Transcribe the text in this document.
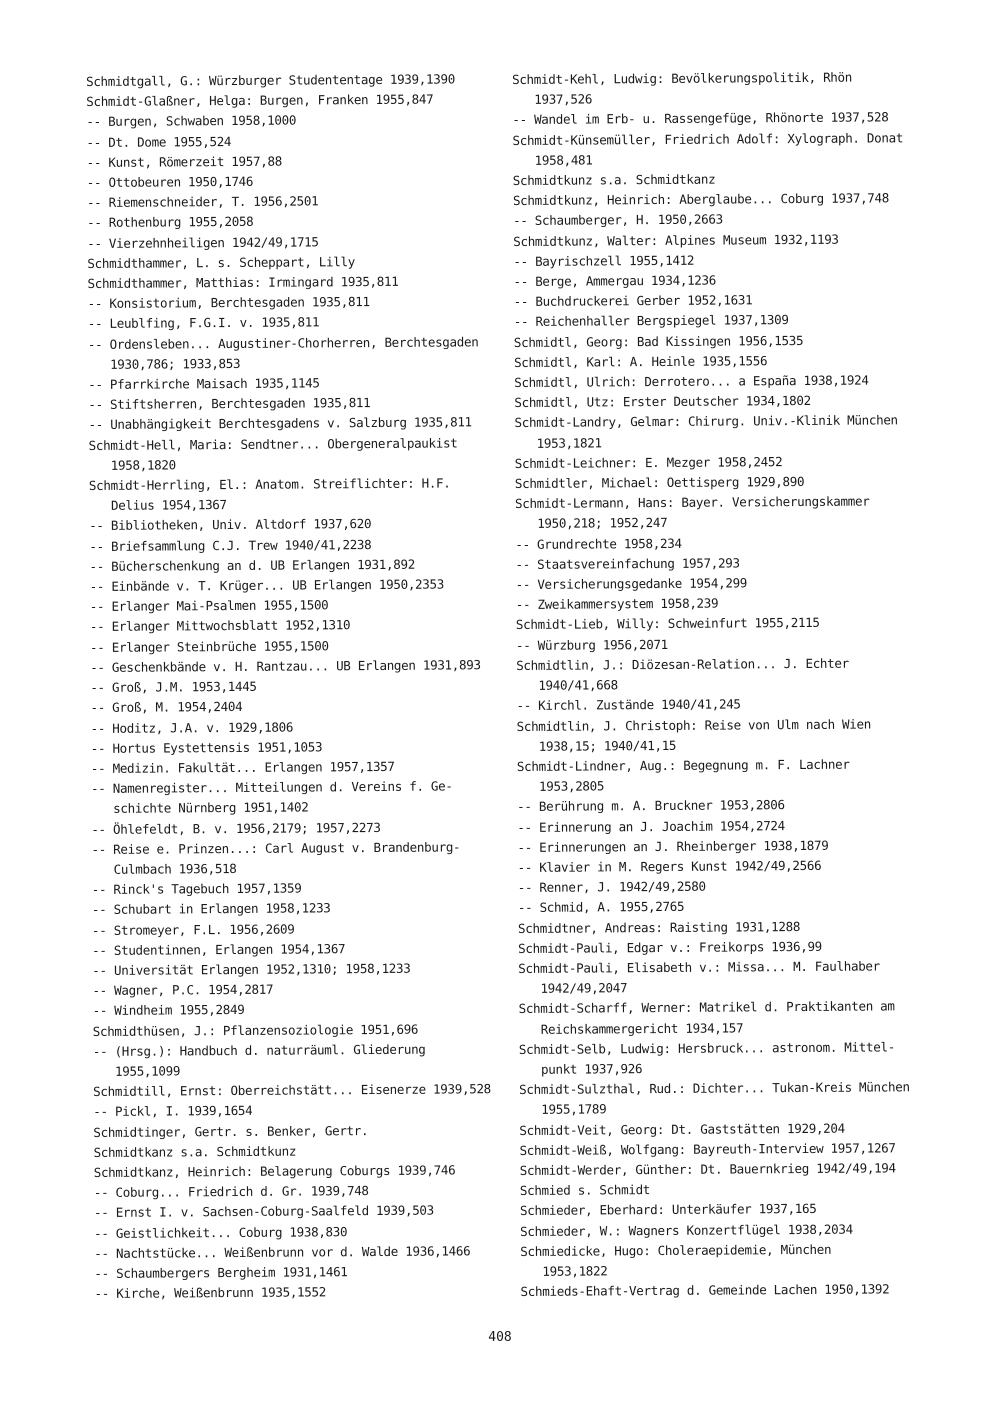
Schmidtgall, G.: Würzburger Studententage 1939,1390
Schmidt-Glaßner, Helga: Burgen, Franken 1955,847
-- Burgen, Schwaben 1958,1000
-- Dt. Dome 1955,524
-- Kunst, Römerzeit 1957,88
-- Ottobeuren 1950,1746
-- Riemenschneider, T. 1956,2501
-- Rothenburg 1955,2058
-- Vierzehnheiligen 1942/49,1715
Schmidthammer, L. s. Scheppart, Lilly
Schmidthammer, Matthias: Irmingard 1935,811
-- Konsistorium, Berchtesgaden 1935,811
-- Leublfing, F.G.I. v. 1935,811
-- Ordensleben... Augustiner-Chorherren, Berchtesgaden
1930,786; 1933,853
-- Pfarrkirche Maisach 1935,1145
-- Stiftsherren, Berchtesgaden 1935,811
-- Unabhängigkeit Berchtesgadens v. Salzburg 1935,811
Schmidt-Hell, Maria: Sendtner... Obergeneralpaukist
1958,1820
Schmidt-Herrling, El.: Anatom. Streiflichter: H.F.
Delius 1954,1367
-- Bibliotheken, Univ. Altdorf 1937,620
-- Briefsammlung C.J. Trew 1940/41,2238
-- Bücherschenkung an d. UB Erlangen 1931,892
-- Einbände v. T. Krüger... UB Erlangen 1950,2353
-- Erlanger Mai-Psalmen 1955,1500
-- Erlanger Mittwochsblatt 1952,1310
-- Erlanger Steinbrüche 1955,1500
-- Geschenkbände v. H. Rantzau... UB Erlangen 1931,893
-- Groß, J.M. 1953,1445
-- Groß, M. 1954,2404
-- Hoditz, J.A. v. 1929,1806
-- Hortus Eystettensis 1951,1053
-- Medizin. Fakultät... Erlangen 1957,1357
-- Namenregister... Mitteilungen d. Vereins f. Ge-
schichte Nürnberg 1951,1402
-- Öhlefeldt, B. v. 1956,2179; 1957,2273
-- Reise e. Prinzen...: Carl August v. Brandenburg-
Culmbach 1936,518
-- Rinck's Tagebuch 1957,1359
-- Schubart in Erlangen 1958,1233
-- Stromeyer, F.L. 1956,2609
-- Studentinnen, Erlangen 1954,1367
-- Universität Erlangen 1952,1310; 1958,1233
-- Wagner, P.C. 1954,2817
-- Windheim 1955,2849
Schmidthüsen, J.: Pflanzensoziologie 1951,696
-- (Hrsg.): Handbuch d. naturräuml. Gliederung
1955,1099
Schmidtill, Ernst: Oberreichstätt... Eisenerze 1939,528
-- Pickl, I. 1939,1654
Schmidtinger, Gertr. s. Benker, Gertr.
Schmidtkanz s.a. Schmidtkunz
Schmidtkanz, Heinrich: Belagerung Coburgs 1939,746
-- Coburg... Friedrich d. Gr. 1939,748
-- Ernst I. v. Sachsen-Coburg-Saalfeld 1939,503
-- Geistlichkeit... Coburg 1938,830
-- Nachtstücke... Weißenbrunn vor d. Walde 1936,1466
-- Schaumbergers Bergheim 1931,1461
-- Kirche, Weißenbrunn 1935,1552
Schmidt-Kehl, Ludwig: Bevölkerungspolitik, Rhön
1937,526
-- Wandel im Erb- u. Rassengefüge, Rhönorte 1937,528
Schmidt-Künsemüller, Friedrich Adolf: Xylograph. Donat
1958,481
Schmidtkunz s.a. Schmidtkanz
Schmidtkunz, Heinrich: Aberglaube... Coburg 1937,748
-- Schaumberger, H. 1950,2663
Schmidtkunz, Walter: Alpines Museum 1932,1193
-- Bayrischzell 1955,1412
-- Berge, Ammergau 1934,1236
-- Buchdruckerei Gerber 1952,1631
-- Reichenhaller Bergspiegel 1937,1309
Schmidtl, Georg: Bad Kissingen 1956,1535
Schmidtl, Karl: A. Heinle 1935,1556
Schmidtl, Ulrich: Derrotero... a España 1938,1924
Schmidtl, Utz: Erster Deutscher 1934,1802
Schmidt-Landry, Gelmar: Chirurg. Univ.-Klinik München
1953,1821
Schmidt-Leichner: E. Mezger 1958,2452
Schmidtler, Michael: Oettisperg 1929,890
Schmidt-Lermann, Hans: Bayer. Versicherungskammer
1950,218; 1952,247
-- Grundrechte 1958,234
-- Staatsvereinfachung 1957,293
-- Versicherungsgedanke 1954,299
-- Zweikammersystem 1958,239
Schmidt-Lieb, Willy: Schweinfurt 1955,2115
-- Würzburg 1956,2071
Schmidtlin, J.: Diözesan-Relation... J. Echter
1940/41,668
-- Kirchl. Zustände 1940/41,245
Schmidtlin, J. Christoph: Reise von Ulm nach Wien
1938,15; 1940/41,15
Schmidt-Lindner, Aug.: Begegnung m. F. Lachner
1953,2805
-- Berührung m. A. Bruckner 1953,2806
-- Erinnerung an J. Joachim 1954,2724
-- Erinnerungen an J. Rheinberger 1938,1879
-- Klavier in M. Regers Kunst 1942/49,2566
-- Renner, J. 1942/49,2580
-- Schmid, A. 1955,2765
Schmidtner, Andreas: Raisting 1931,1288
Schmidt-Pauli, Edgar v.: Freikorps 1936,99
Schmidt-Pauli, Elisabeth v.: Missa... M. Faulhaber
1942/49,2047
Schmidt-Scharff, Werner: Matrikel d. Praktikanten am
Reichskammergericht 1934,157
Schmidt-Selb, Ludwig: Hersbruck... astronom. Mittel-
punkt 1937,926
Schmidt-Sulzthal, Rud.: Dichter... Tukan-Kreis München
1955,1789
Schmidt-Veit, Georg: Dt. Gaststätten 1929,204
Schmidt-Weiß, Wolfgang: Bayreuth-Interview 1957,1267
Schmidt-Werder, Günther: Dt. Bauernkrieg 1942/49,194
Schmied s. Schmidt
Schmieder, Eberhard: Unterkäufer 1937,165
Schmieder, W.: Wagners Konzertflügel 1938,2034
Schmiedicke, Hugo: Choleraepidemie, München
1953,1822
Schmieds-Ehaft-Vertrag d. Gemeinde Lachen 1950,1392
408
